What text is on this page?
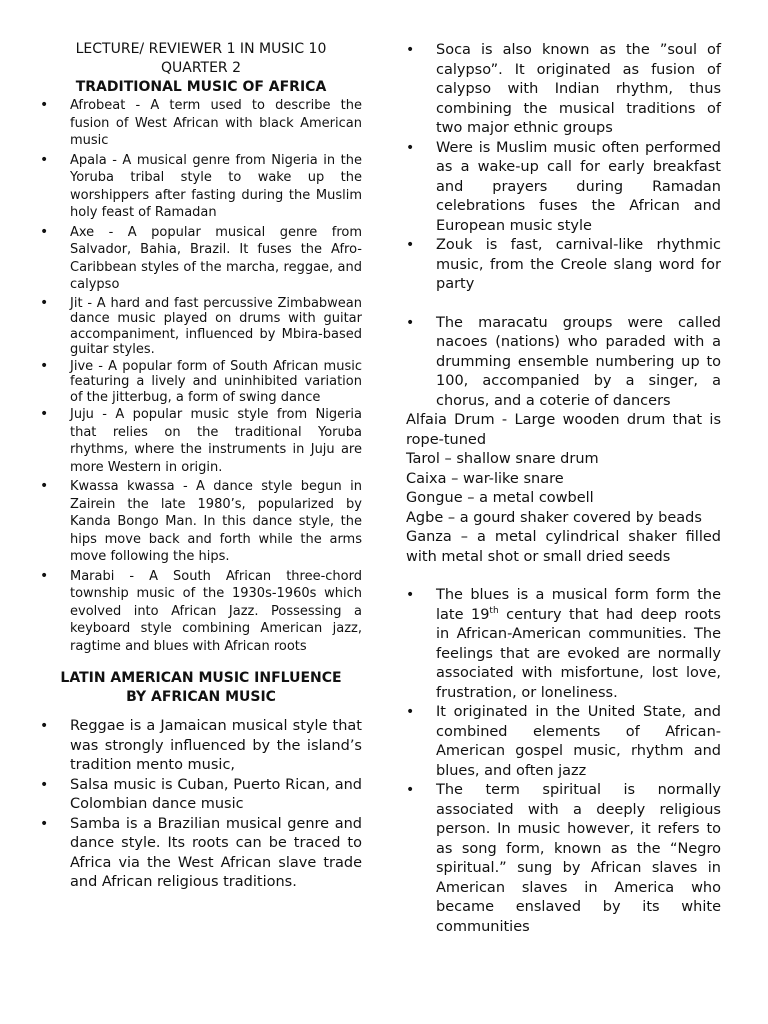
LECTURE/ REVIEWER 1 IN MUSIC 10
QUARTER 2
TRADITIONAL MUSIC OF AFRICA
• Afrobeat - A term used to describe the fusion of West African with black American music
• Apala - A musical genre from Nigeria in the Yoruba tribal style to wake up the worshippers after fasting during the Muslim holy feast of Ramadan
• Axe - A popular musical genre from Salvador, Bahia, Brazil. It fuses the Afro-Caribbean styles of the marcha, reggae, and calypso
• Jit - A hard and fast percussive Zimbabwean dance music played on drums with guitar accompaniment, influenced by Mbira-based guitar styles.
• Jive - A popular form of South African music featuring a lively and uninhibited variation of the jitterbug, a form of swing dance
• Juju - A popular music style from Nigeria that relies on the traditional Yoruba rhythms, where the instruments in Juju are more Western in origin.
• Kwassa kwassa - A dance style begun in Zairein the late 1980’s, popularized by Kanda Bongo Man. In this dance style, the hips move back and forth while the arms move following the hips.
• Marabi - A South African three-chord township music of the 1930s-1960s which evolved into African Jazz. Possessing a keyboard style combining American jazz, ragtime and blues with African roots
LATIN AMERICAN MUSIC INFLUENCE
BY AFRICAN MUSIC
• Reggae is a Jamaican musical style that was strongly influenced by the island’s tradition mento music,
• Salsa music is Cuban, Puerto Rican, and Colombian dance music
• Samba is a Brazilian musical genre and dance style. Its roots can be traced to Africa via the West African slave trade and African religious traditions.
• Soca is also known as the ”soul of calypso”. It originated as fusion of calypso with Indian rhythm, thus combining the musical traditions of two major ethnic groups
• Were is Muslim music often performed as a wake-up call for early breakfast and prayers during Ramadan celebrations fuses the African and European music style
• Zouk is fast, carnival-like rhythmic music, from the Creole slang word for party
• The maracatu groups were called nacoes (nations) who paraded with a drumming ensemble numbering up to 100, accompanied by a singer, a chorus, and a coterie of dancers

Alfaia Drum - Large wooden drum that is rope-tuned

Tarol – shallow snare drum

Caixa – war-like snare

Gongue – a metal cowbell

Agbe – a gourd shaker covered by beads

Ganza – a metal cylindrical shaker filled with metal shot or small dried seeds

• The blues is a musical form form the late 19th century that had deep roots in African-American communities. The feelings that are evoked are normally associated with misfortune, lost love, frustration, or loneliness.
• It originated in the United State, and combined elements of African-American gospel music, rhythm and blues, and often jazz
• The term spiritual is normally associated with a deeply religious person. In music however, it refers to as song form, known as the “Negro spiritual.” sung by African slaves in American slaves in America who became enslaved by its white communities
